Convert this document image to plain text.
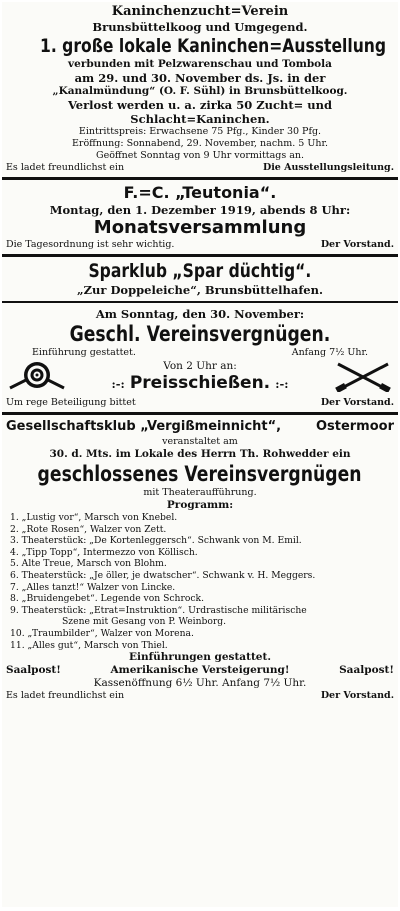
Kaninchenzucht=Verein
Brunsbüttelkoog und Umgegend.
1. große lokale Kaninchen=Ausstellung
verbunden mit Pelzwarenschau und Tombola
am 29. und 30. November ds. Js. in der
„Kanalmündung“ (O. F. Sühl) in Brunsbüttelkoog.
Verlost werden u. a. zirka 50 Zucht= und
Schlacht=Kaninchen.
Eintrittspreis: Erwachsene 75 Pfg., Kinder 30 Pfg.
Eröffnung: Sonnabend, 29. November, nachm. 5 Uhr.
Geöffnet Sonntag von 9 Uhr vormittags an.
Es ladet freundlichst ein	Die Ausstellungsleitung.
F.=C. „Teutonia“.
Montag, den 1. Dezember 1919, abends 8 Uhr:
Monatsversammlung
Die Tagesordnung ist sehr wichtig.	Der Vorstand.
Sparklub „Spar düchtig“.
„Zur Doppeleiche“, Brunsbüttelhafen.
Am Sonntag, den 30. November:
Geschl. Vereinsvergnügen.
Einführung gestattet.	Anfang 7½ Uhr.
Von 2 Uhr an:
:-: Preisschießen. :-:
Um rege Beteiligung bittet	Der Vorstand.
Gesellschaftsklub „Vergißmeinnicht“,	Ostermoor
veranstaltet am
30. d. Mts. im Lokale des Herrn Th. Rohwedder ein
geschlossenes Vereinsvergnügen
mit Theateraufführung.
Programm:
1. „Lustig vor“, Marsch von Knebel.
2. „Rote Rosen“, Walzer von Zett.
3. Theaterstück: „De Kortenleggersch“. Schwank von M. Emil.
4. „Tipp Topp“, Intermezzo von Köllisch.
5. Alte Treue, Marsch von Blohm.
6. Theaterstück: „Je öller, je dwatscher“. Schwank v. H. Meggers.
7. „Alles tanzt!“ Walzer von Lincke.
8. „Bruidengebet“. Legende von Schrock.
9. Theaterstück: „Etrat=Instruktion“. Urdrastische militärische
Szene mit Gesang von P. Weinborg.
10. „Traumbilder“, Walzer von Morena.
11. „Alles gut“, Marsch von Thiel.
Einführungen gestattet.
Saalpost!	Amerikanische Versteigerung!	Saalpost!
Kassenöffnung 6½ Uhr. Anfang 7½ Uhr.
Es ladet freundlichst ein	Der Vorstand.
